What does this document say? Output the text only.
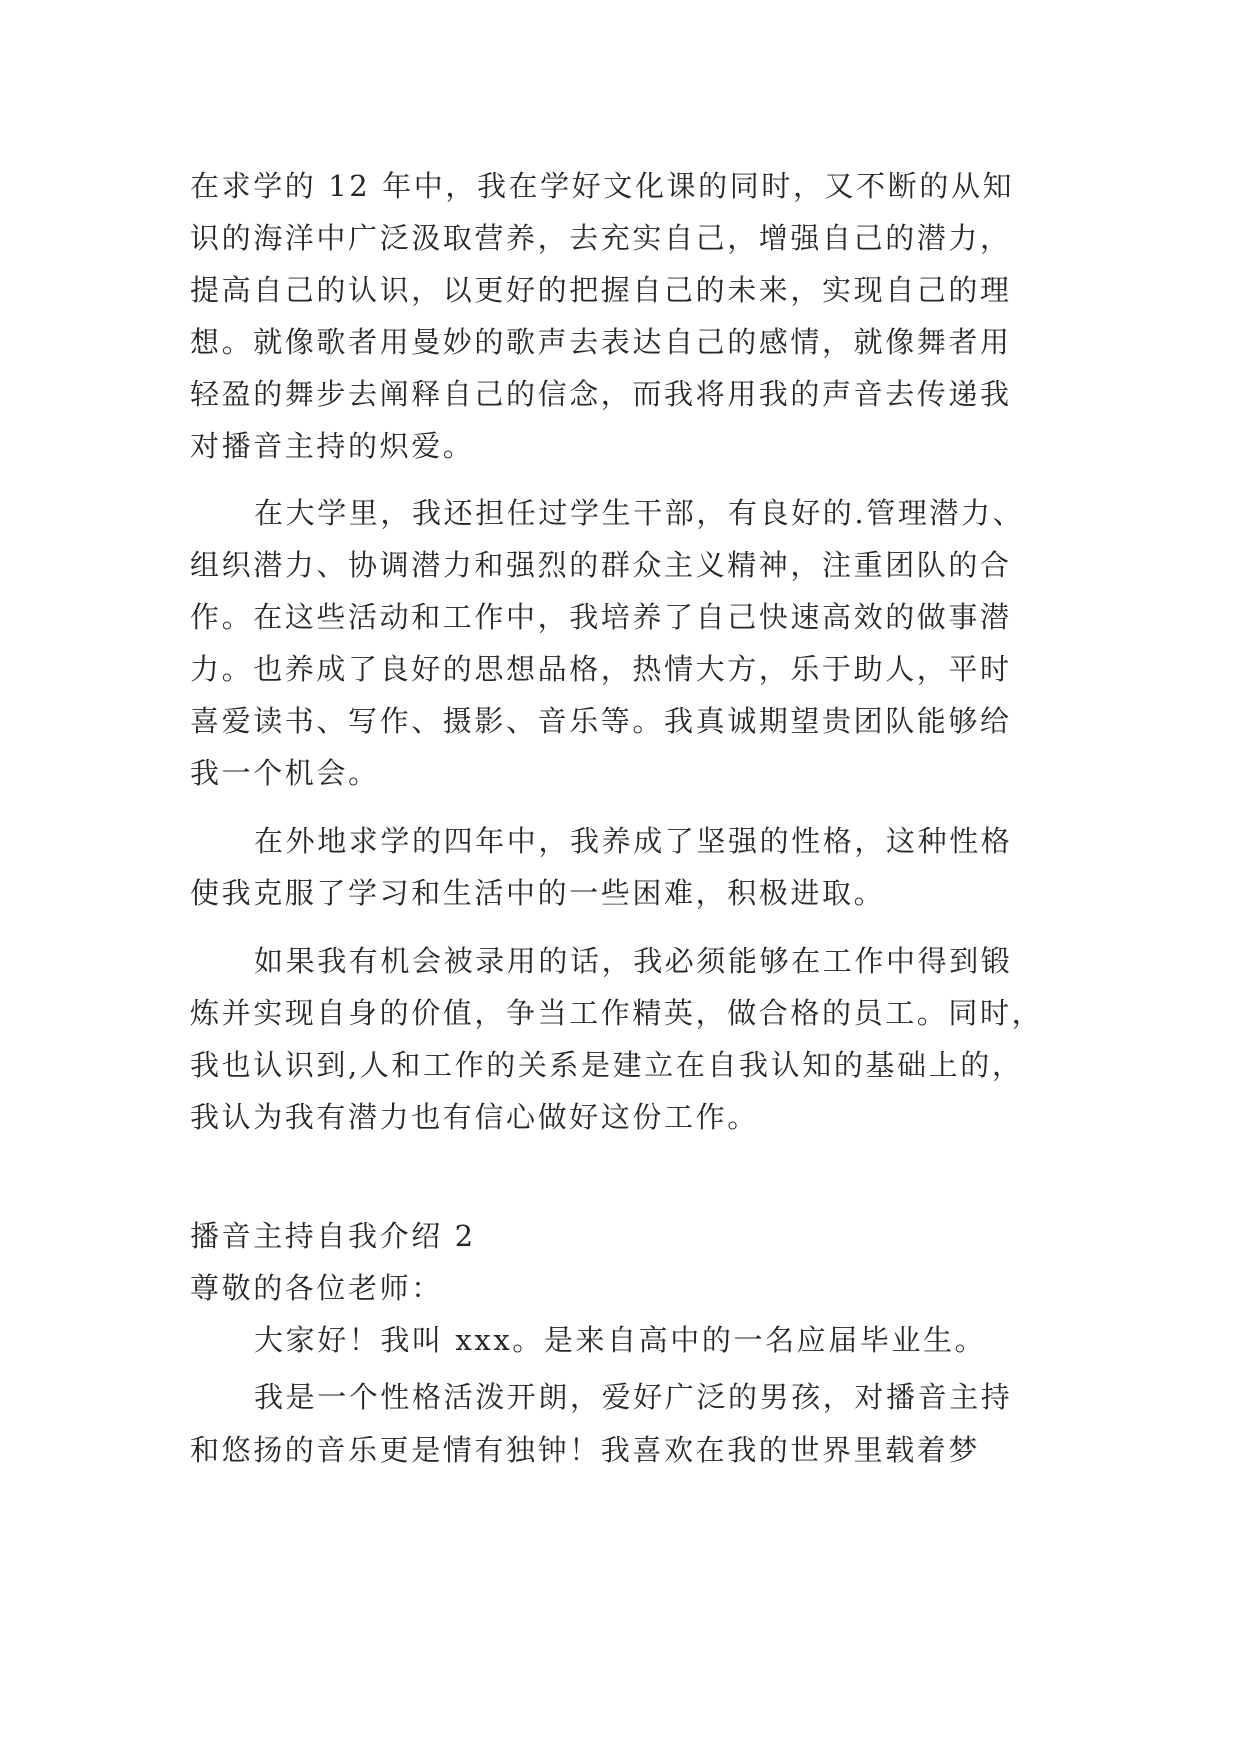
在求学的 12 年中，我在学好文化课的同时，又不断的从知

识的海洋中广泛汲取营养，去充实自己，增强自己的潜力，

提高自己的认识，以更好的把握自己的未来，实现自己的理

想。就像歌者用曼妙的歌声去表达自己的感情，就像舞者用

轻盈的舞步去阐释自己的信念，而我将用我的声音去传递我

对播音主持的炽爱。

在大学里，我还担任过学生干部，有良好的.管理潜力、

组织潜力、协调潜力和强烈的群众主义精神，注重团队的合

作。在这些活动和工作中，我培养了自己快速高效的做事潜

力。也养成了良好的思想品格，热情大方，乐于助人，平时

喜爱读书、写作、摄影、音乐等。我真诚期望贵团队能够给

我一个机会。

在外地求学的四年中，我养成了坚强的性格，这种性格

使我克服了学习和生活中的一些困难，积极进取。

如果我有机会被录用的话，我必须能够在工作中得到锻

炼并实现自身的价值，争当工作精英，做合格的员工。同时，

我也认识到,人和工作的关系是建立在自我认知的基础上的，

我认为我有潜力也有信心做好这份工作。

播音主持自我介绍 2

尊敬的各位老师：

大家好！我叫 xxx。是来自高中的一名应届毕业生。

我是一个性格活泼开朗，爱好广泛的男孩，对播音主持

和悠扬的音乐更是情有独钟！我喜欢在我的世界里载着梦
